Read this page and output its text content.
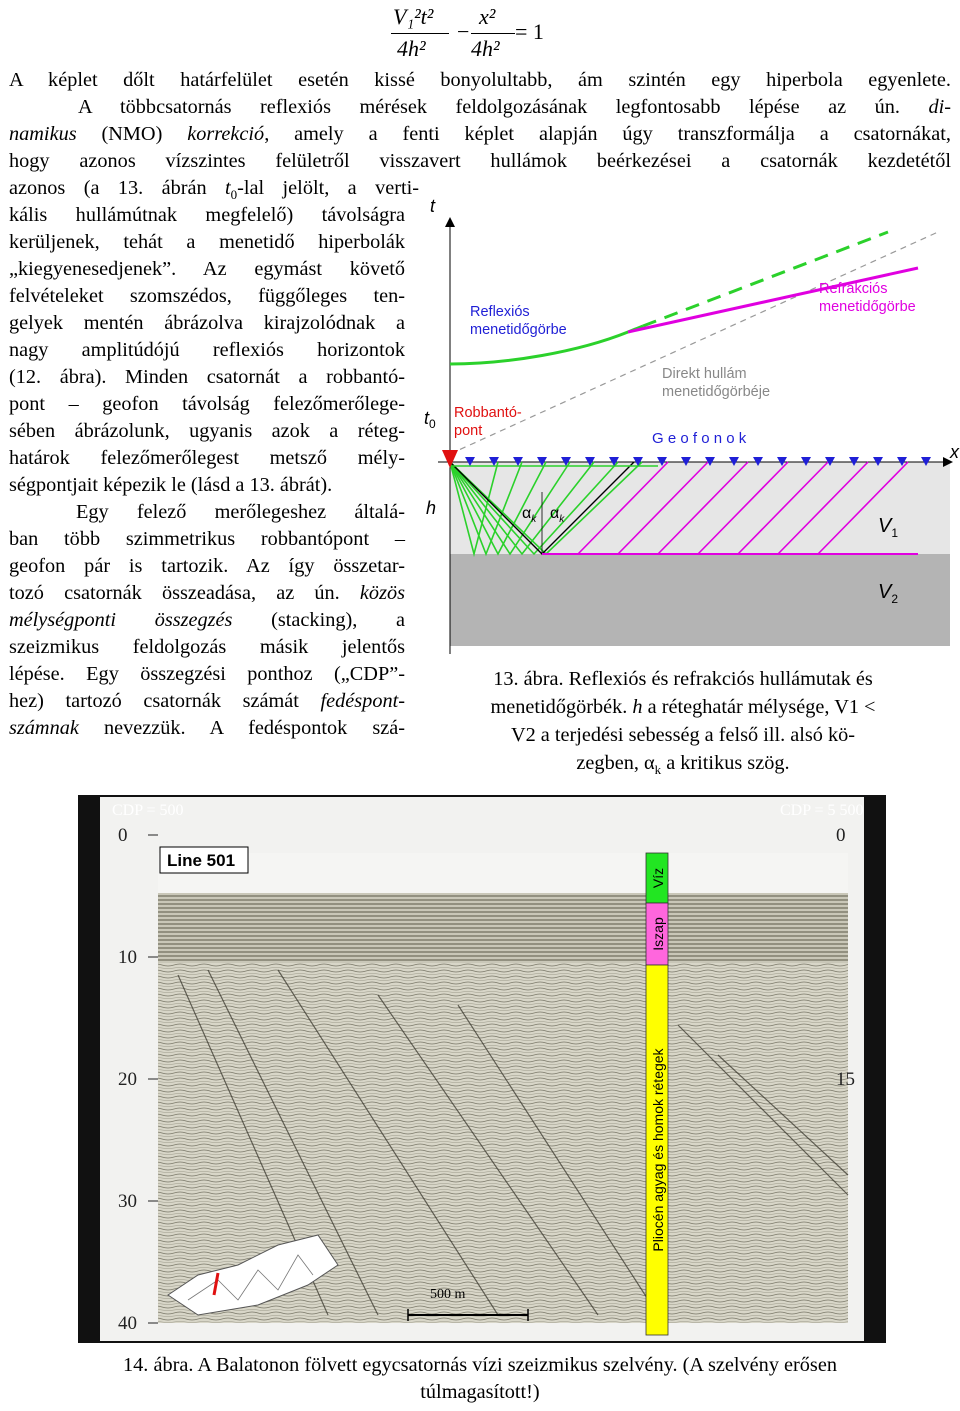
V₁²t²
4h²
−
x²
4h²
= 1
A képlet dőlt határfelület esetén kissé bonyolultabb, ám szintén egy hiperbola egyenlete.
A többcsatornás reflexiós mérések feldolgozásának legfontosabb lépése az ún. di-
namikus (NMO) korrekció, amely a fenti képlet alapján úgy transzformálja a csatornákat,
hogy azonos vízszintes felületről visszavert hullámok beérkezései a csatornák kezdetétől
azonos (a 13. ábrán $t_0$-lal jelölt, a verti-
kális hullámútnak megfelelő) távolságra
kerüljenek, tehát a menetidő hiperbolák
„kiegyenesedjenek”. Az egymást követő
felvételeket szomszédos, függőleges ten-
gelyek mentén ábrázolva kirajzolódnak a
nagy amplitúdójú reflexiós horizontok
(12. ábra). Minden csatornát a robbantó-
pont – geofon távolság felezőmerőlege-
sében ábrázolunk, ugyanis azok a réteg-
határok felezőmerőlegest metsző mély-
ségpontjait képezik le (lásd a 13. ábrát).
Egy felező merőlegeshez általá-
ban több szimmetrikus robbantópont –
geofon pár is tartozik. Az így összetar-
tozó csatornák összeadása, az ún. közös
mélységponti összegzés (stacking), a
szeizmikus feldolgozás másik jelentős
lépése. Egy összegzési ponthoz („CDP”-
hez) tartozó csatornák számát fedéspont-
számnak nevezzük. A fedéspontok szá-
t
x
$t_0$
h
Reflexiós
menetidőgörbe
Refrakciós
menetidőgörbe
Direkt hullám
menetidőgörbéje
Robbantó-
pont	G e o f o n o k
$\alpha_k$ $\alpha_k$	$V_1$
$V_2$
13. ábra. Reflexiós és refrakciós hullámutak és
menetidőgörbék. h a réteghatár mélysége, V1 <
V2 a terjedési sebesség a felső ill. alsó kö-
zegben, $\alpha_k$ a kritikus szög.
CDP = 500	CDP = 5 500
Line 501
0
10
20
30
40
0
15
500 m
Víz
Iszap
Pliocén agyag és homok rétegek
14. ábra. A Balatonon fölvett egycsatornás vízi szeizmikus szelvény. (A szelvény erősen
túlmagasított!)
